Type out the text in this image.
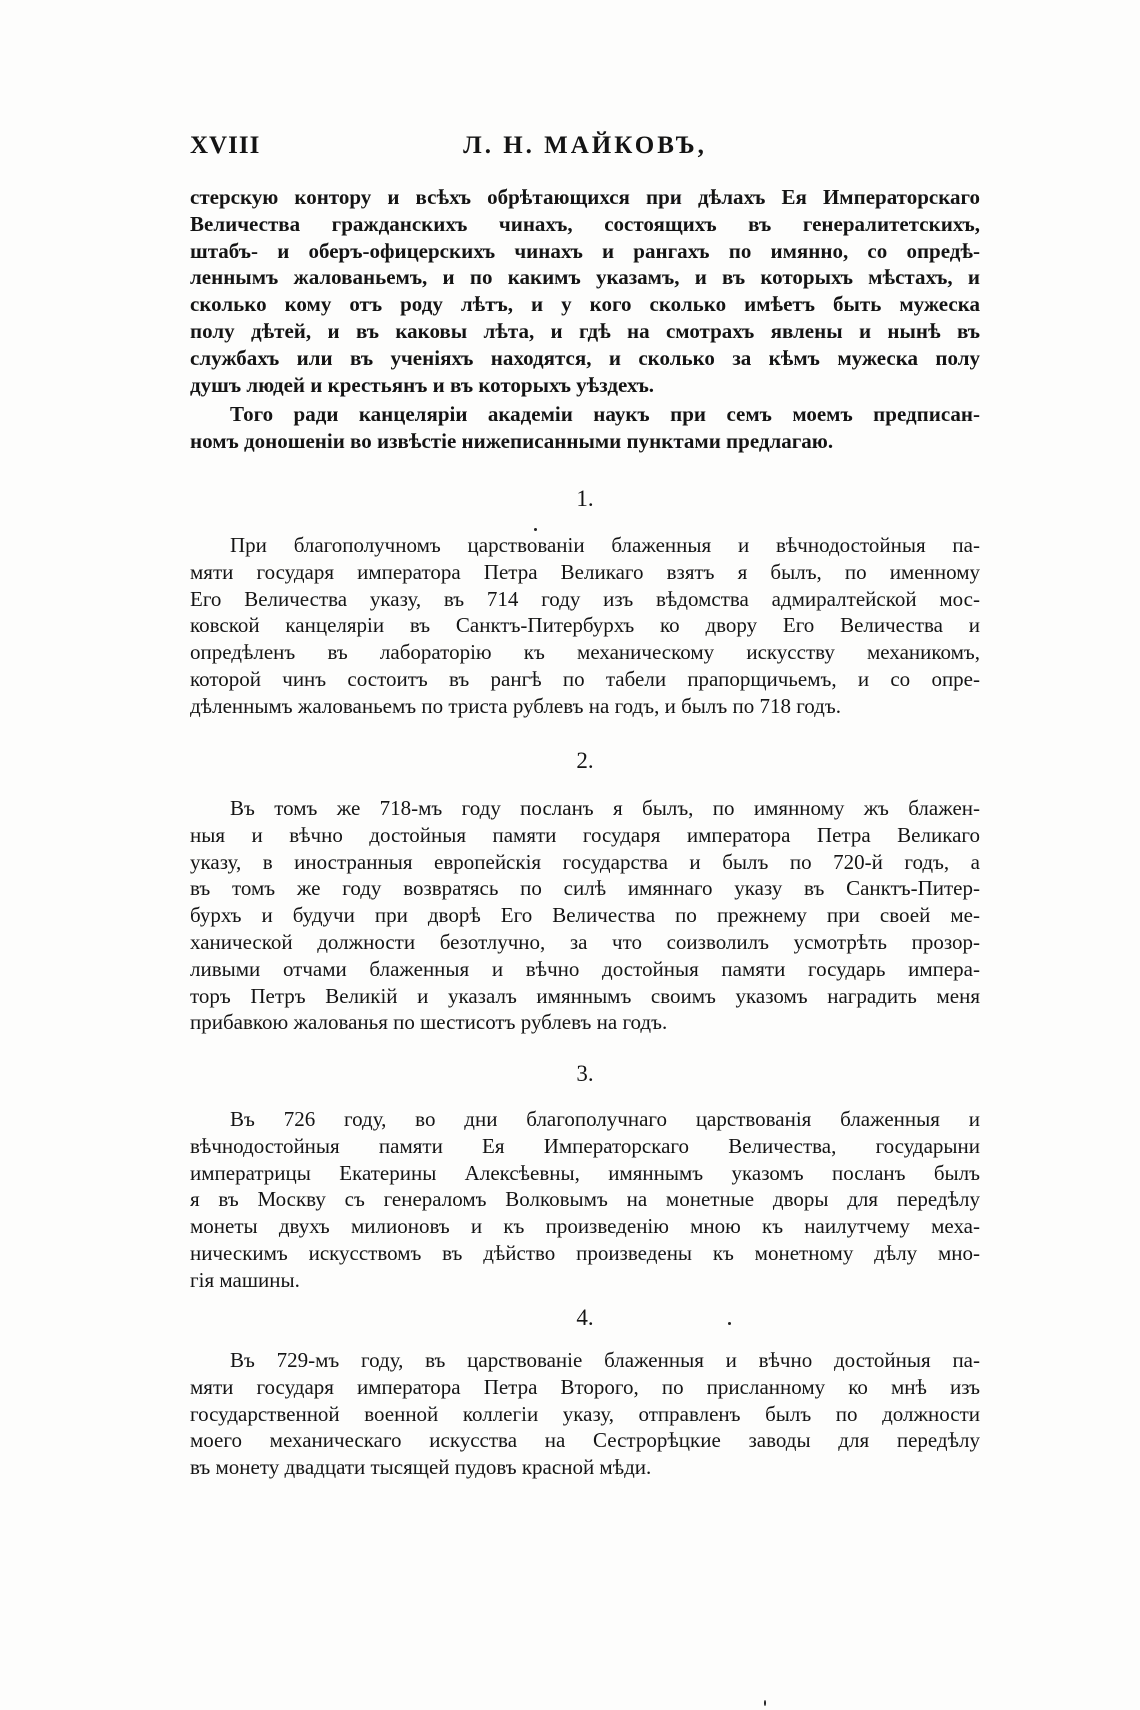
XVIII	Л. Н. МАЙКОВЪ,
стерскую контору и всѣхъ обрѣтающихся при дѣлахъ Ея Императорскаго
Величества гражданскихъ чинахъ, состоящихъ въ генералитетскихъ,
штабъ- и оберъ-офицерскихъ чинахъ и рангахъ по имянно, со опредѣ-
леннымъ жалованьемъ, и по какимъ указамъ, и въ которыхъ мѣстахъ, и
сколько кому отъ роду лѣтъ, и у кого сколько имѣетъ быть мужеска
полу дѣтей, и въ каковы лѣта, и гдѣ на смотрахъ явлены и нынѣ въ
службахъ или въ ученіяхъ находятся, и сколько за кѣмъ мужеска полу
душъ людей и крестьянъ и въ которыхъ уѣздехъ.
Того ради канцеляріи академіи наукъ при семъ моемъ предписан-
номъ доношеніи во извѣстіе нижеписанными пунктами предлагаю.
1.
При благополучномъ царствованіи блаженныя и вѣчнодостойныя па-
мяти государя императора Петра Великаго взятъ я былъ, по именному
Его Величества указу, въ 714 году изъ вѣдомства адмиралтейской мос-
ковской канцеляріи въ Санктъ-Питербурхъ ко двору Его Величества и
опредѣленъ въ лабораторію къ механическому искусству механикомъ,
которой чинъ состоитъ въ рангѣ по табели прапорщичьемъ, и со опре-
дѣленнымъ жалованьемъ по триста рублевъ на годъ, и былъ по 718 годъ.
2.
Въ томъ же 718-мъ году посланъ я былъ, по имянному жъ блажен-
ныя и вѣчно достойныя памяти государя императора Петра Великаго
указу, в иностранныя европейскія государства и былъ по 720-й годъ, а
въ томъ же году возвратясь по силѣ имяннаго указу въ Санктъ-Питер-
бурхъ и будучи при дворѣ Его Величества по прежнему при своей ме-
ханической должности безотлучно, за что соизволилъ усмотрѣть прозор-
ливыми отчами блаженныя и вѣчно достойныя памяти государь импера-
торъ Петръ Великій и указалъ имяннымъ своимъ указомъ наградить меня
прибавкою жалованья по шестисотъ рублевъ на годъ.
3.
Въ 726 году, во дни благополучнаго царствованія блаженныя и
вѣчнодостойныя памяти Ея Императорскаго Величества, государыни
императрицы Екатерины Алексѣевны, имяннымъ указомъ посланъ былъ
я въ Москву съ генераломъ Волковымъ на монетные дворы для передѣлу
монеты двухъ милионовъ и къ произведенію мною къ наилутчему меха-
ническимъ искусствомъ въ дѣйство произведены къ монетному дѣлу мно-
гія машины.
4.
Въ 729-мъ году, въ царствованіе блаженныя и вѣчно достойныя па-
мяти государя императора Петра Второго, по присланному ко мнѣ изъ
государственной военной коллегіи указу, отправленъ былъ по должности
моего механическаго искусства на Сестрорѣцкие заводы для передѣлу
въ монету двадцати тысящей пудовъ красной мѣди.
